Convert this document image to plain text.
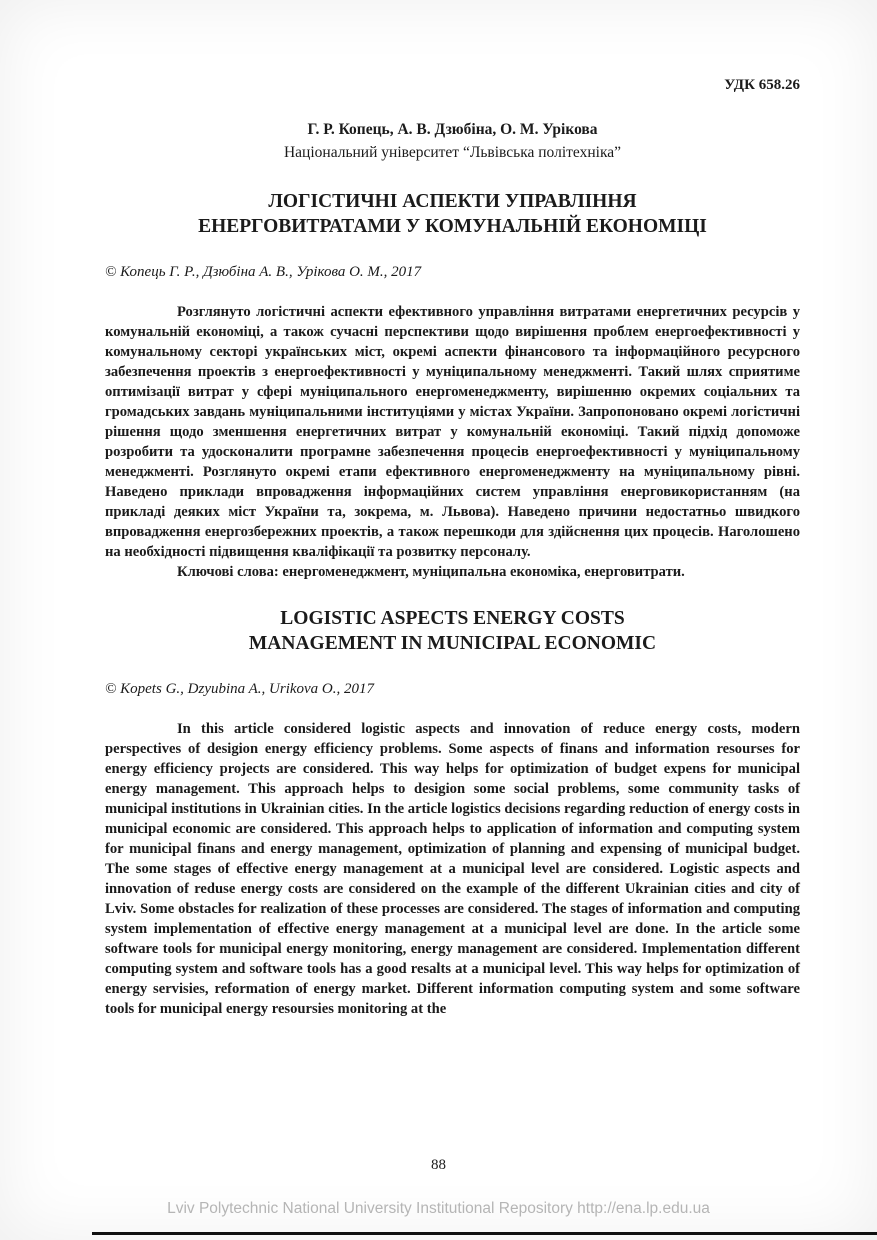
УДК 658.26
Г. Р. Копець, А. В. Дзюбіна, О. М. Урікова
Національний університет “Львівська політехніка”
ЛОГІСТИЧНІ АСПЕКТИ УПРАВЛІННЯ
ЕНЕРГОВИТРАТАМИ У КОМУНАЛЬНІЙ ЕКОНОМІЦІ
© Копець Г. Р., Дзюбіна А. В., Урікова О. М., 2017

Розглянуто логістичні аспекти ефективного управління витратами енергетичних ресурсів у комунальній економіці, а також сучасні перспективи щодо вирішення проблем енергоефективності у комунальному секторі українських міст, окремі аспекти фінансового та інформаційного ресурсного забезпечення проектів з енергоефективності у муніципальному менеджменті. Такий шлях сприятиме оптимізації витрат у сфері муніципального енергоменеджменту, вирішенню окремих соціальних та громадських завдань муніципальними інституціями у містах України. Запропоновано окремі логістичні рішення щодо зменшення енергетичних витрат у комунальній економіці. Такий підхід допоможе розробити та удосконалити програмне забезпечення процесів енергоефективності у муніципальному менеджменті. Розглянуто окремі етапи ефективного енергоменеджменту на муніципальному рівні. Наведено приклади впровадження інформаційних систем управління енерговикористанням (на прикладі деяких міст України та, зокрема, м. Львова). Наведено причини недостатньо швидкого впровадження енергозбережних проектів, а також перешкоди для здійснення цих процесів. Наголошено на необхідності підвищення кваліфікації та розвитку персоналу.

Ключові слова: енергоменеджмент, муніципальна економіка, енерговитрати.

LOGISTIC ASPECTS ENERGY COSTS
MANAGEMENT IN MUNICIPAL ECONOMIC
© Kopets G., Dzyubina A., Urikova O., 2017

In this article considered logistic aspects and innovation of reduce energy costs, modern perspectives of desigion energy efficiency problems. Some aspects of finans and information resourses for energy efficiency projects are considered. This way helps for optimization of budget expens for municipal energy management. This approach helps to desigion some social problems, some community tasks of municipal institutions in Ukrainian cities. In the article logistics decisions regarding reduction of energy costs in municipal economic are considered. This approach helps to application of information and computing system for municipal finans and energy management, optimization of planning and expensing of municipal budget. The some stages of effective energy management at a municipal level are considered. Logistic aspects and innovation of reduse energy costs are considered on the example of the different Ukrainian cities and city of Lviv. Some obstacles for realization of these processes are considered. The stages of information and computing system implementation of effective energy management at a municipal level are done. In the article some software tools for municipal energy monitoring, energy management are considered. Implementation different computing system and software tools has a good resalts at a municipal level. This way helps for optimization of energy servisies, reformation of energy market. Different information computing system and some software tools for municipal energy resoursies monitoring at the

88
Lviv Polytechnic National University Institutional Repository http://ena.lp.edu.ua
